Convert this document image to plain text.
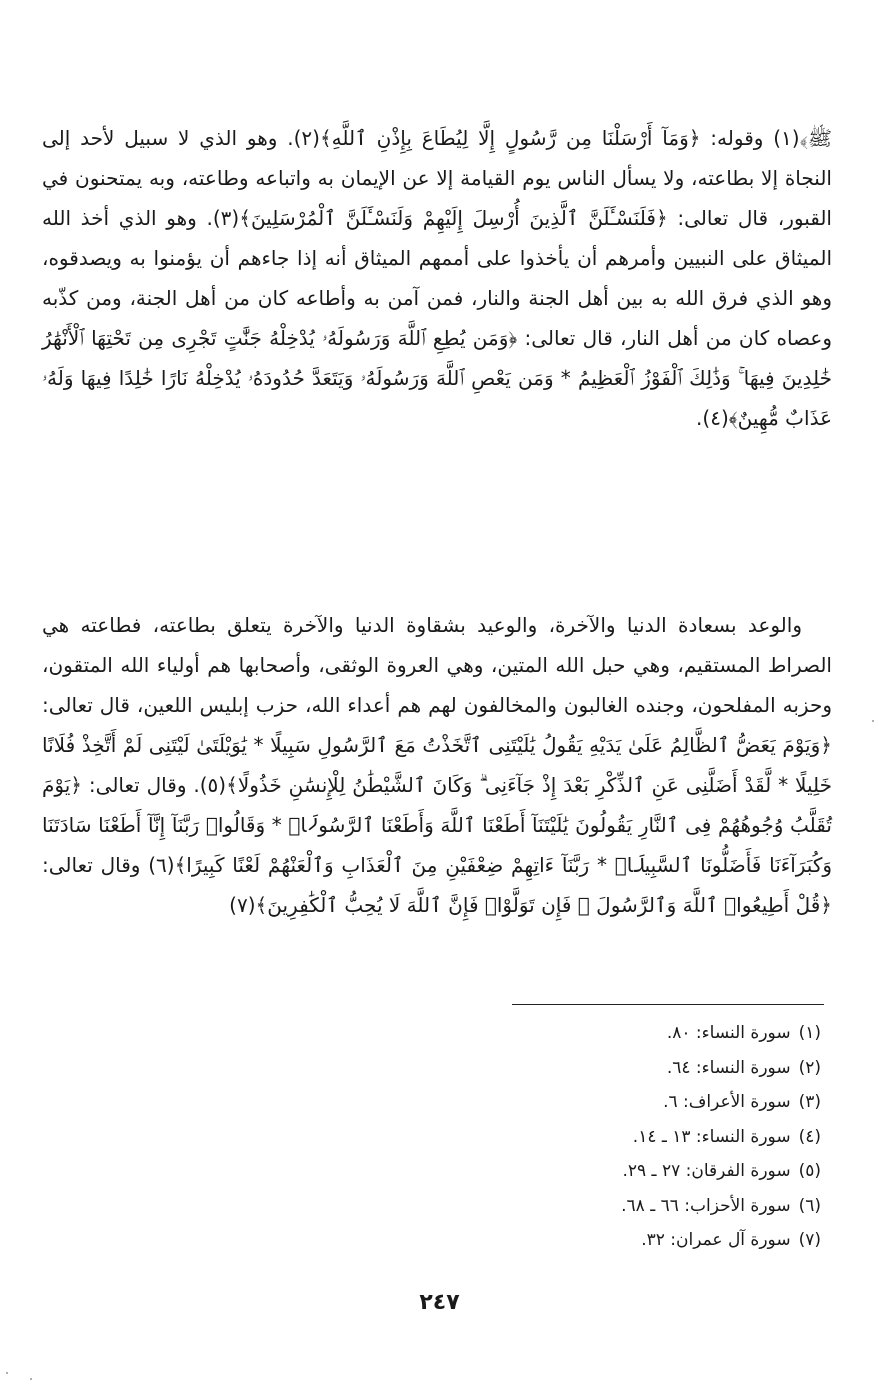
ﷺ﴾(١) وقوله: ﴿وَمَآ أَرْسَلْنَا مِن رَّسُولٍ إِلَّا لِيُطَاعَ بِإِذْنِ ٱللَّهِ﴾(٢). وهو الذي لا سبيل لأحد إلى النجاة إلا بطاعته، ولا يسأل الناس يوم القيامة إلا عن الإيمان به واتباعه وطاعته، وبه يمتحنون في القبور، قال تعالى: ﴿فَلَنَسْـَٔلَنَّ ٱلَّذِينَ أُرْسِلَ إِلَيْهِمْ وَلَنَسْـَٔلَنَّ ٱلْمُرْسَلِينَ﴾(٣). وهو الذي أخذ الله الميثاق على النبيين وأمرهم أن يأخذوا على أممهم الميثاق أنه إذا جاءهم أن يؤمنوا به ويصدقوه، وهو الذي فرق الله به بين أهل الجنة والنار، فمن آمن به وأطاعه كان من أهل الجنة، ومن كذّبه وعصاه كان من أهل النار، قال تعالى: ﴿وَمَن يُطِعِ ٱللَّهَ وَرَسُولَهُۥ يُدْخِلْهُ جَنَّٰتٍ تَجْرِى مِن تَحْتِهَا ٱلْأَنْهَٰرُ خَٰلِدِينَ فِيهَا ۚ وَذَٰلِكَ ٱلْفَوْزُ ٱلْعَظِيمُ * وَمَن يَعْصِ ٱللَّهَ وَرَسُولَهُۥ وَيَتَعَدَّ حُدُودَهُۥ يُدْخِلْهُ نَارًا خَٰلِدًا فِيهَا وَلَهُۥ عَذَابٌ مُّهِينٌ﴾(٤).

والوعد بسعادة الدنيا والآخرة، والوعيد بشقاوة الدنيا والآخرة يتعلق بطاعته، فطاعته هي الصراط المستقيم، وهي حبل الله المتين، وهي العروة الوثقى، وأصحابها هم أولياء الله المتقون، وحزبه المفلحون، وجنده الغالبون والمخالفون لهم هم أعداء الله، حزب إبليس اللعين، قال تعالى: ﴿وَيَوْمَ يَعَضُّ ٱلظَّالِمُ عَلَىٰ يَدَيْهِ يَقُولُ يَٰلَيْتَنِى ٱتَّخَذْتُ مَعَ ٱلرَّسُولِ سَبِيلًا * يَٰوَيْلَتَىٰ لَيْتَنِى لَمْ أَتَّخِذْ فُلَانًا خَلِيلًا * لَّقَدْ أَضَلَّنِى عَنِ ٱلذِّكْرِ بَعْدَ إِذْ جَآءَنِى ۗ وَكَانَ ٱلشَّيْطَٰنُ لِلْإِنسَٰنِ خَذُولًا﴾(٥). وقال تعالى: ﴿يَوْمَ تُقَلَّبُ وُجُوهُهُمْ فِى ٱلنَّارِ يَقُولُونَ يَٰلَيْتَنَآ أَطَعْنَا ٱللَّهَ وَأَطَعْنَا ٱلرَّسُولَا۠ * وَقَالُوا۟ رَبَّنَآ إِنَّآ أَطَعْنَا سَادَتَنَا وَكُبَرَآءَنَا فَأَضَلُّونَا ٱلسَّبِيلَا۠ * رَبَّنَآ ءَاتِهِمْ ضِعْفَيْنِ مِنَ ٱلْعَذَابِ وَٱلْعَنْهُمْ لَعْنًا كَبِيرًا﴾(٦) وقال تعالى: ﴿قُلْ أَطِيعُوا۟ ٱللَّهَ وَٱلرَّسُولَ ۖ فَإِن تَوَلَّوْا۟ فَإِنَّ ٱللَّهَ لَا يُحِبُّ ٱلْكَٰفِرِينَ﴾(٧)

(١)سورة النساء: ٨٠.
(٢)سورة النساء: ٦٤.
(٣)سورة الأعراف: ٦.
(٤)سورة النساء: ١٣ ـ ١٤.
(٥)سورة الفرقان: ٢٧ ـ ٢٩.
(٦)سورة الأحزاب: ٦٦ ـ ٦٨.
(٧)سورة آل عمران: ٣٢.
٢٤٧
